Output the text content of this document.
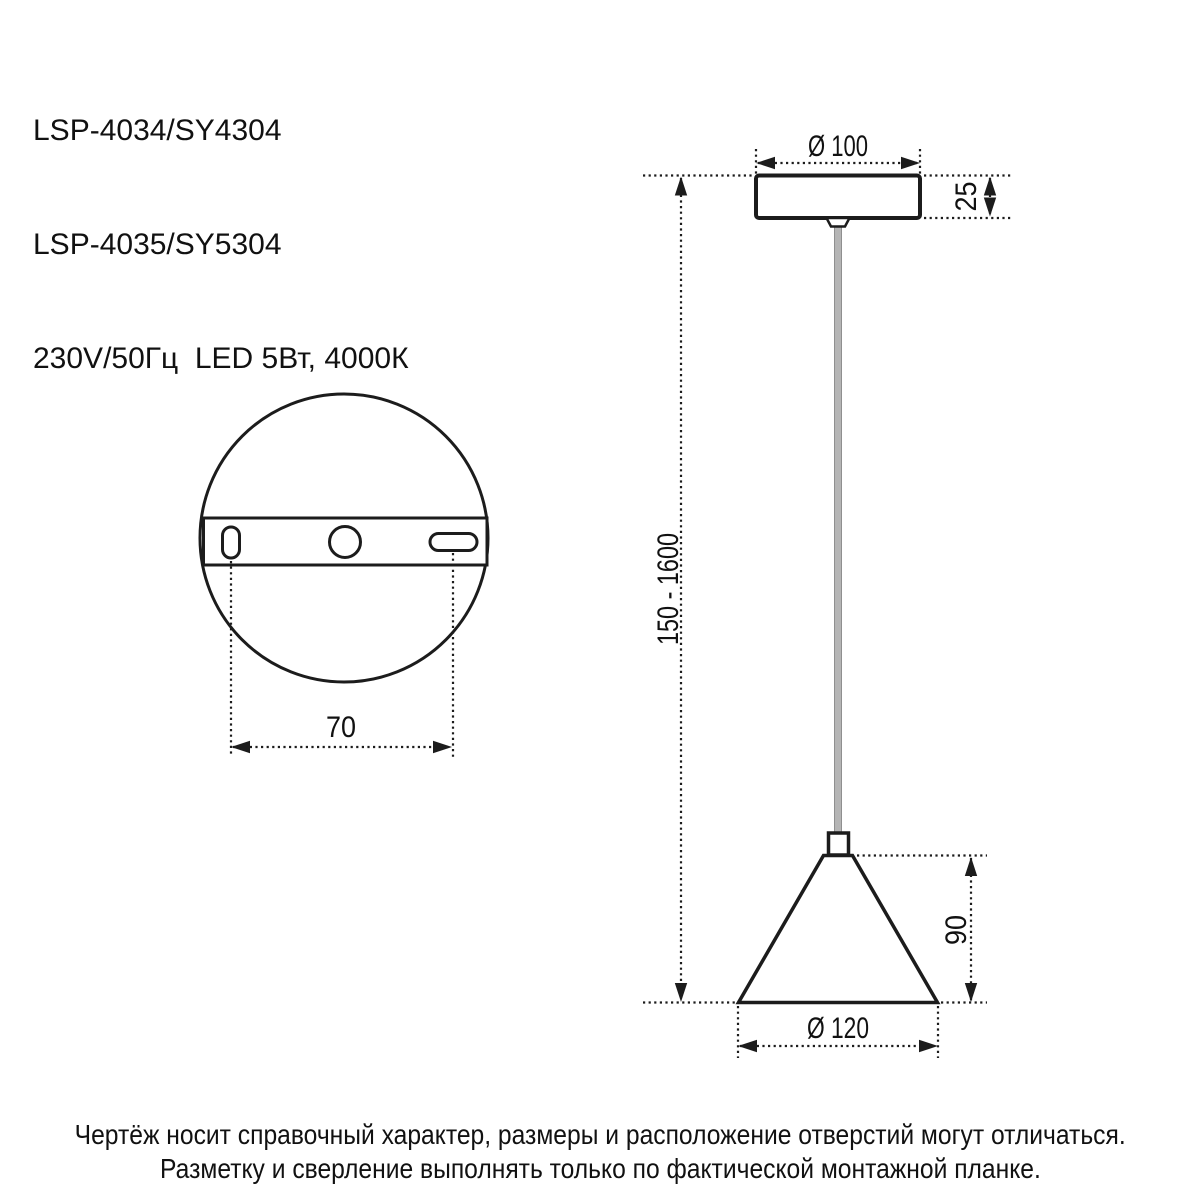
LSP-4034/SY4304

LSP-4035/SY5304

230V/50Гц  LED 5Вт, 4000К

70
Ø 100
25
150 - 1600
90
Ø 120
Чертёж носит справочный характер, размеры и расположение отверстий могут отличаться.
Разметку и сверление выполнять только по фактической монтажной планке.
